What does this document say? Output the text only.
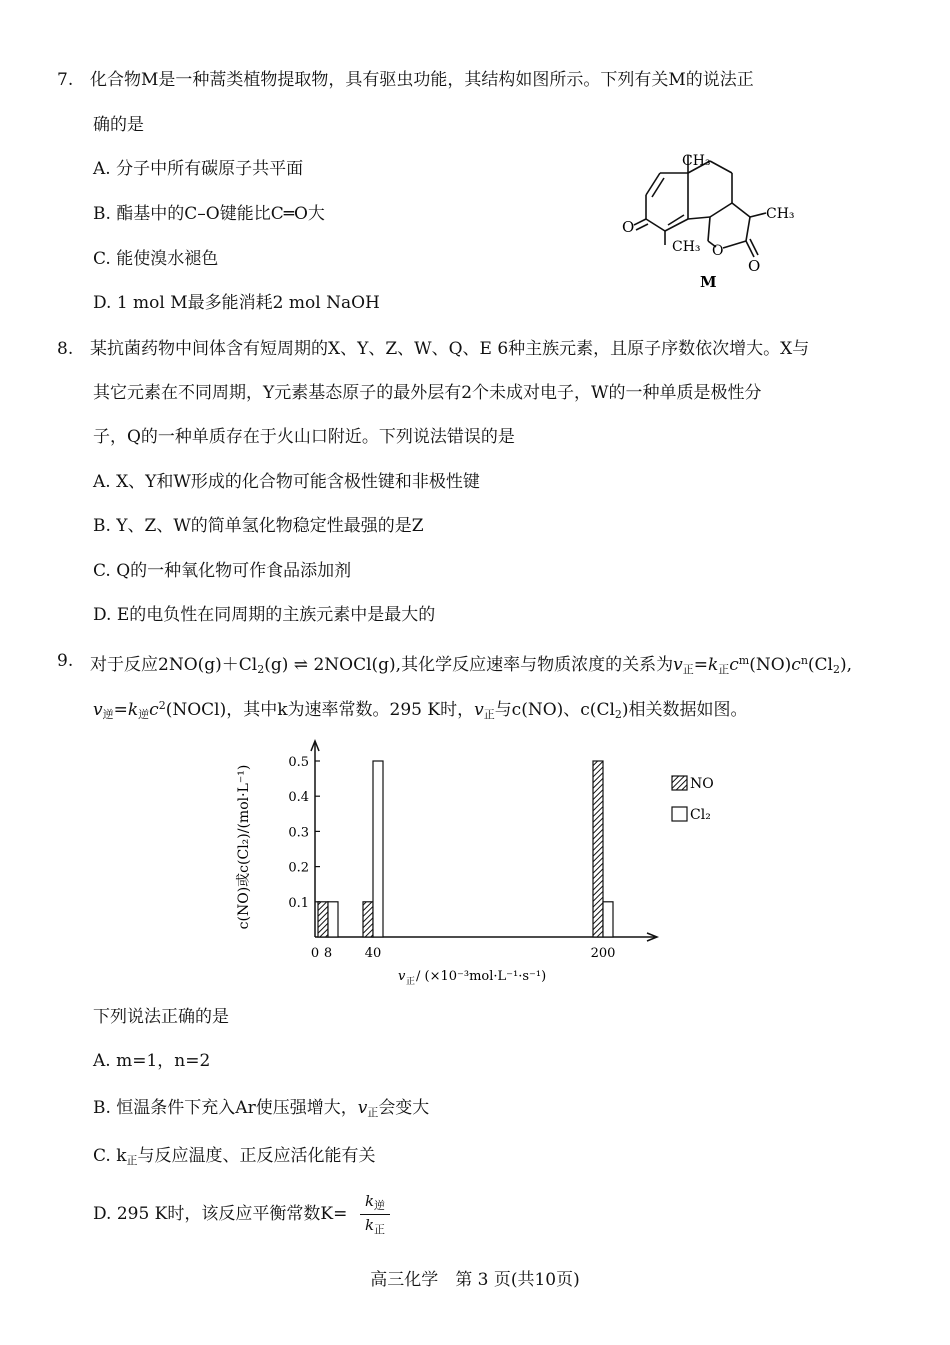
7. 化合物M是一种蒿类植物提取物，具有驱虫功能，其结构如图所示。下列有关M的说法正
确的是
A. 分子中所有碳原子共平面
B. 酯基中的C–O键能比C═O大
C. 能使溴水褪色
D. 1 mol M最多能消耗2 mol NaOH
CH₃
CH₃
CH₃
O
O
O
M
8. 某抗菌药物中间体含有短周期的X、Y、Z、W、Q、E 6种主族元素，且原子序数依次增大。X与
其它元素在不同周期，Y元素基态原子的最外层有2个未成对电子，W的一种单质是极性分
子，Q的一种单质存在于火山口附近。下列说法错误的是
A. X、Y和W形成的化合物可能含极性键和非极性键
B. Y、Z、W的简单氢化物稳定性最强的是Z
C. Q的一种氧化物可作食品添加剂
D. E的电负性在同周期的主族元素中是最大的
9. 对于反应$2NO(g)+Cl_2(g)$ ⇌ 2NOCl(g),其化学反应速率与物质浓度的关系为$v_正=k_正c^m(NO)c^n(Cl_2)$,
$v_逆=k_逆c^2(NOCl)$，其中k为速率常数。295 K时，$v_正$与c(NO)、$c(Cl_2)$相关数据如图。
0.1
0.2
0.3
0.4
0.5
0 8	40	200
c(NO)或c(Cl₂)/(mol·L⁻¹)
v 正 / (×10⁻³mol·L⁻¹·s⁻¹)
NO
Cl₂
下列说法正确的是
A. m=1，n=2
B. 恒温条件下充入Ar使压强增大，$v_正$会变大
C. $k_正$与反应温度、正反应活化能有关
D. 295 K时，该反应平衡常数K=
$k_逆$
$k_正$
高三化学　第 3 页(共10页)
